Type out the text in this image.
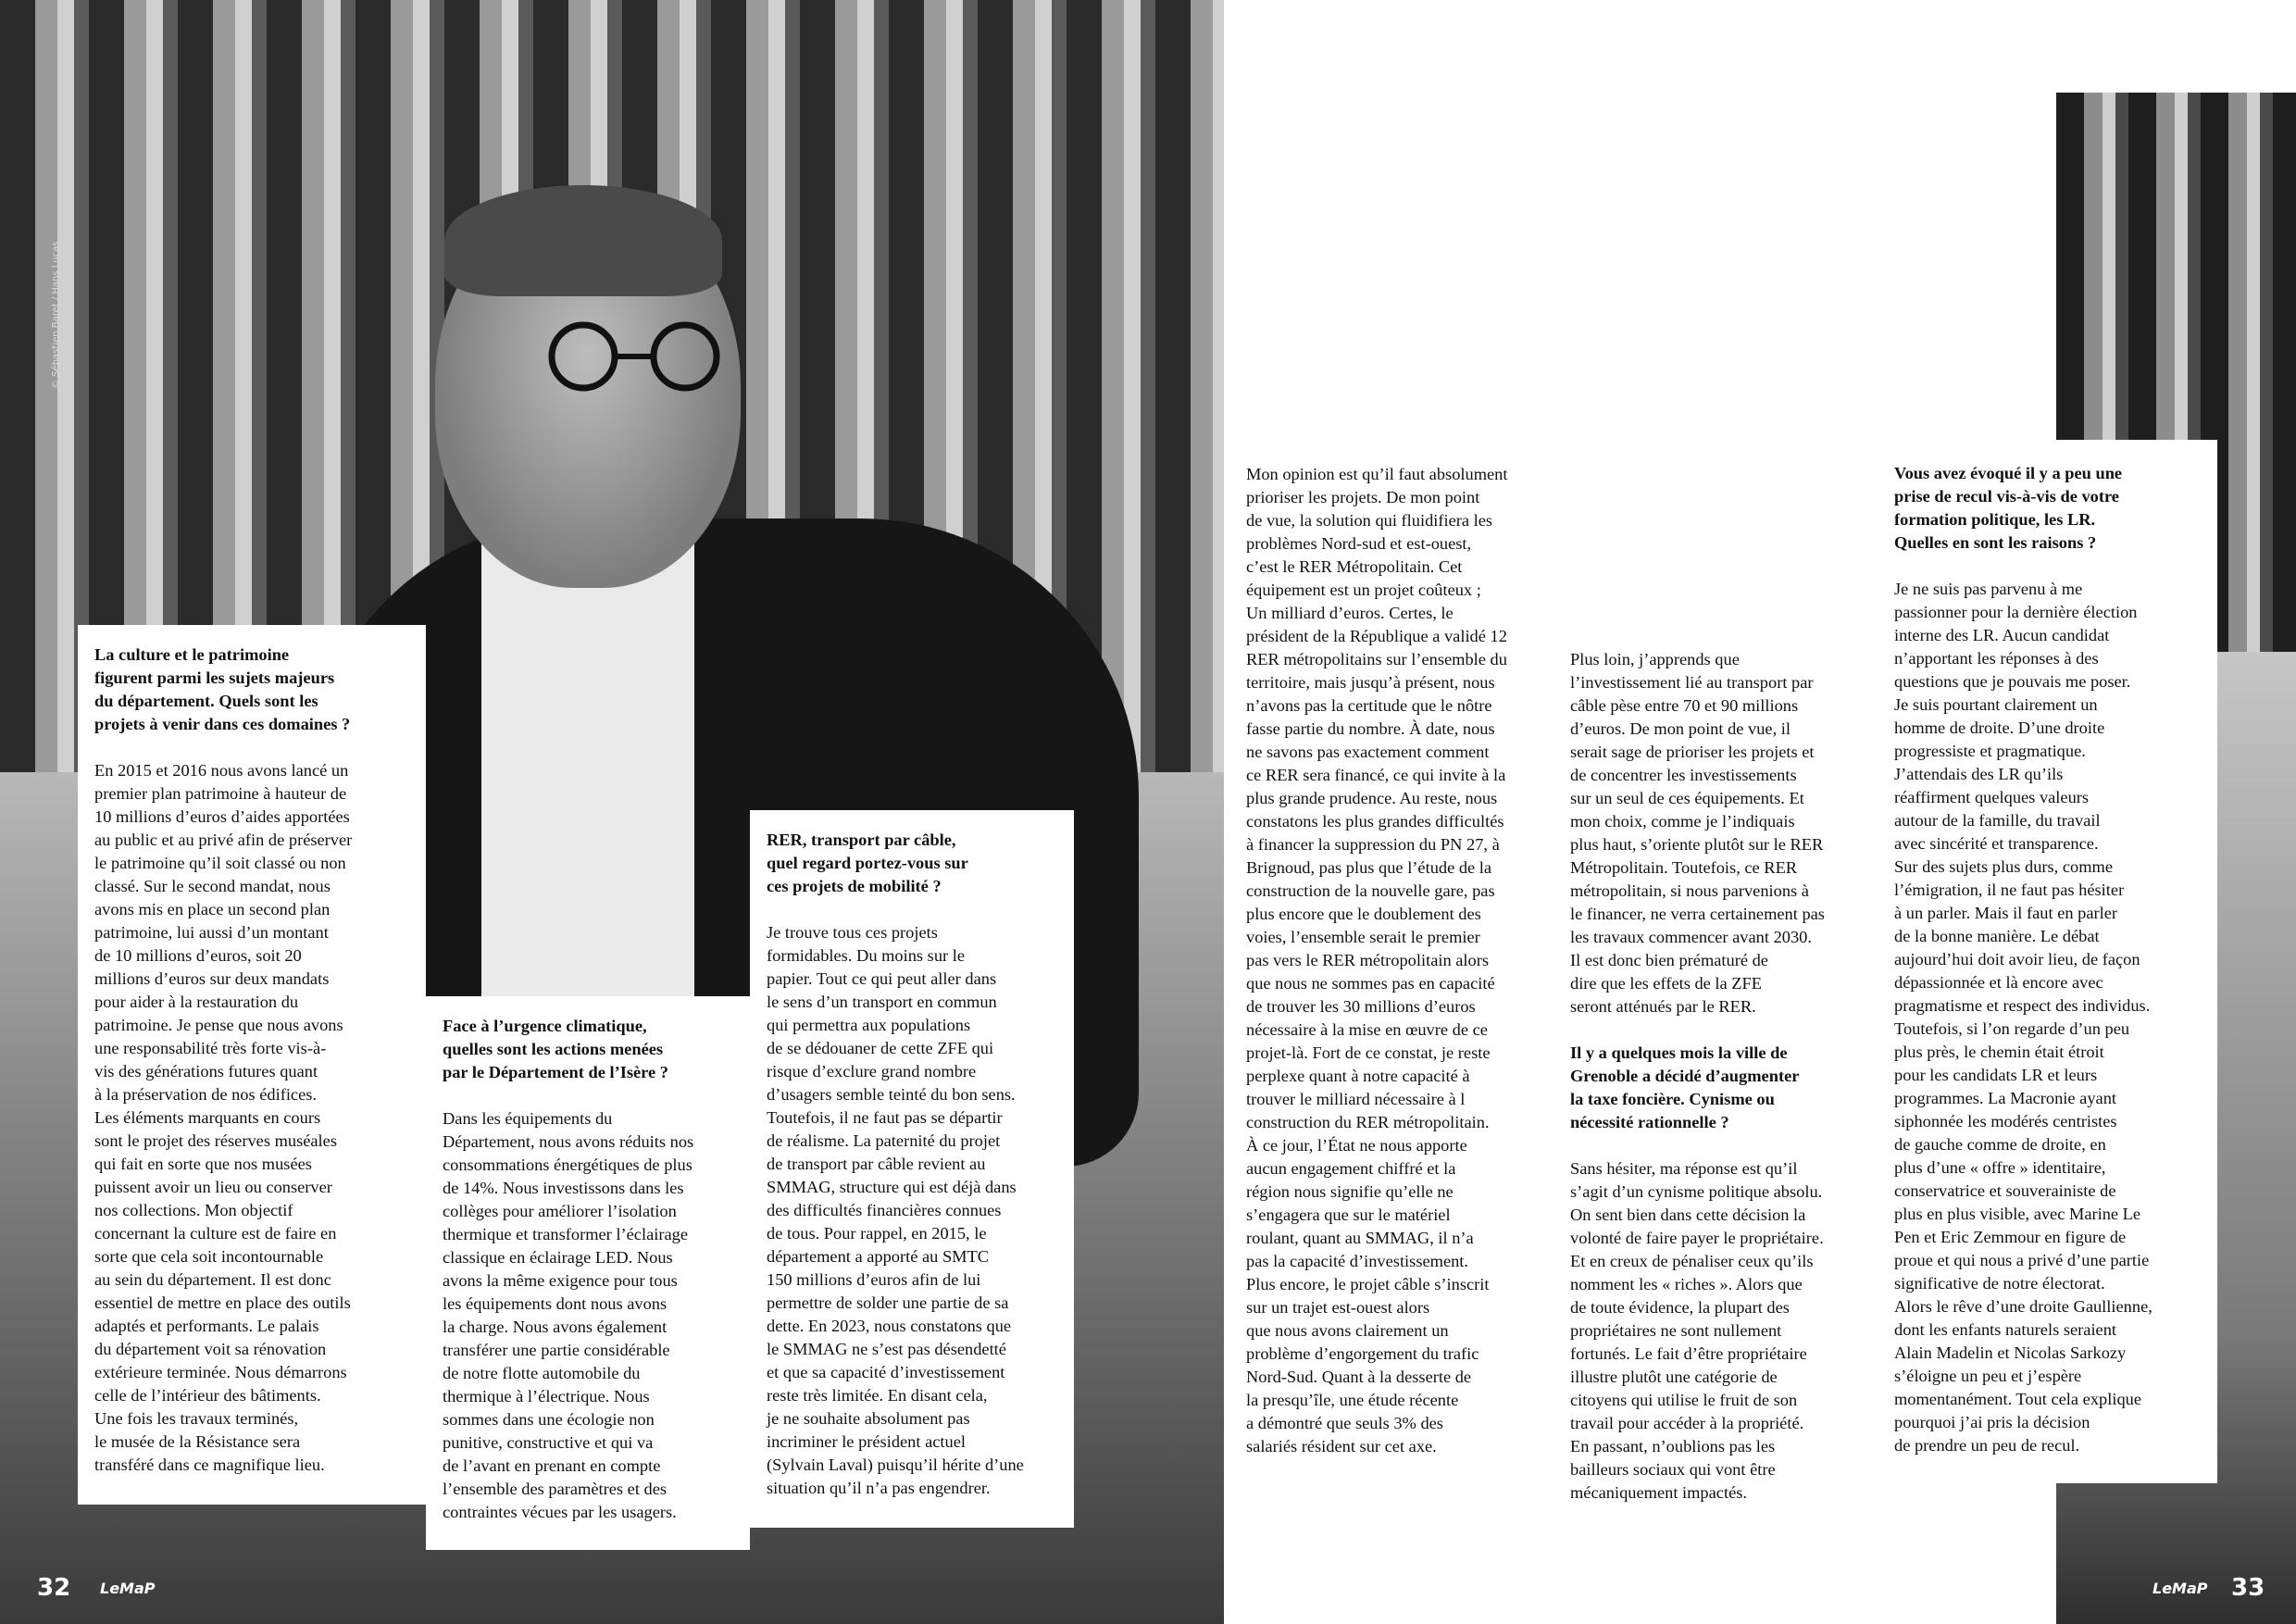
© Sébastien Baret / Hans Lucas

La culture et le patrimoine
figurent parmi les sujets majeurs
du département. Quels sont les
projets à venir dans ces domaines ?

En 2015 et 2016 nous avons lancé un
premier plan patrimoine à hauteur de
10 millions d’euros d’aides apportées
au public et au privé afin de préserver
le patrimoine qu’il soit classé ou non
classé. Sur le second mandat, nous
avons mis en place un second plan
patrimoine, lui aussi d’un montant
de 10 millions d’euros, soit 20
millions d’euros sur deux mandats
pour aider à la restauration du
patrimoine. Je pense que nous avons
une responsabilité très forte vis-à-
vis des générations futures quant
à la préservation de nos édifices.
Les éléments marquants en cours
sont le projet des réserves muséales
qui fait en sorte que nos musées
puissent avoir un lieu ou conserver
nos collections. Mon objectif
concernant la culture est de faire en
sorte que cela soit incontournable
au sein du département. Il est donc
essentiel de mettre en place des outils
adaptés et performants. Le palais
du département voit sa rénovation
extérieure terminée. Nous démarrons
celle de l’intérieur des bâtiments.
Une fois les travaux terminés,
le musée de la Résistance sera
transféré dans ce magnifique lieu.

Face à l’urgence climatique,
quelles sont les actions menées
par le Département de l’Isère ?

Dans les équipements du
Département, nous avons réduits nos
consommations énergétiques de plus
de 14%. Nous investissons dans les
collèges pour améliorer l’isolation
thermique et transformer l’éclairage
classique en éclairage LED. Nous
avons la même exigence pour tous
les équipements dont nous avons
la charge. Nous avons également
transférer une partie considérable
de notre flotte automobile du
thermique à l’électrique. Nous
sommes dans une écologie non
punitive, constructive et qui va
de l’avant en prenant en compte
l’ensemble des paramètres et des
contraintes vécues par les usagers.

RER, transport par câble,
quel regard portez-vous sur
ces projets de mobilité ?

Je trouve tous ces projets
formidables. Du moins sur le
papier. Tout ce qui peut aller dans
le sens d’un transport en commun
qui permettra aux populations
de se dédouaner de cette ZFE qui
risque d’exclure grand nombre
d’usagers semble teinté du bon sens.
Toutefois, il ne faut pas se départir
de réalisme. La paternité du projet
de transport par câble revient au
SMMAG, structure qui est déjà dans
des difficultés financières connues
de tous. Pour rappel, en 2015, le
département a apporté au SMTC
150 millions d’euros afin de lui
permettre de solder une partie de sa
dette. En 2023, nous constatons que
le SMMAG ne s’est pas désendetté
et que sa capacité d’investissement
reste très limitée. En disant cela,
je ne souhaite absolument pas
incriminer le président actuel
(Sylvain Laval) puisqu’il hérite d’une
situation qu’il n’a pas engendrer.

Mon opinion est qu’il faut absolument
prioriser les projets. De mon point
de vue, la solution qui fluidifiera les
problèmes Nord-sud et est-ouest,
c’est le RER Métropolitain. Cet
équipement est un projet coûteux ;
Un milliard d’euros. Certes, le
président de la République a validé 12
RER métropolitains sur l’ensemble du
territoire, mais jusqu’à présent, nous
n’avons pas la certitude que le nôtre
fasse partie du nombre. À date, nous
ne savons pas exactement comment
ce RER sera financé, ce qui invite à la
plus grande prudence. Au reste, nous
constatons les plus grandes difficultés
à financer la suppression du PN 27, à
Brignoud, pas plus que l’étude de la
construction de la nouvelle gare, pas
plus encore que le doublement des
voies, l’ensemble serait le premier
pas vers le RER métropolitain alors
que nous ne sommes pas en capacité
de trouver les 30 millions d’euros
nécessaire à la mise en œuvre de ce
projet-là. Fort de ce constat, je reste
perplexe quant à notre capacité à
trouver le milliard nécessaire à l
construction du RER métropolitain.
À ce jour, l’État ne nous apporte
aucun engagement chiffré et la
région nous signifie qu’elle ne
s’engagera que sur le matériel
roulant, quant au SMMAG, il n’a
pas la capacité d’investissement.
Plus encore, le projet câble s’inscrit
sur un trajet est-ouest alors
que nous avons clairement un
problème d’engorgement du trafic
Nord-Sud. Quant à la desserte de
la presqu’île, une étude récente
a démontré que seuls 3% des
salariés résident sur cet axe.

Plus loin, j’apprends que
l’investissement lié au transport par
câble pèse entre 70 et 90 millions
d’euros. De mon point de vue, il
serait sage de prioriser les projets et
de concentrer les investissements
sur un seul de ces équipements. Et
mon choix, comme je l’indiquais
plus haut, s’oriente plutôt sur le RER
Métropolitain. Toutefois, ce RER
métropolitain, si nous parvenions à
le financer, ne verra certainement pas
les travaux commencer avant 2030.
Il est donc bien prématuré de
dire que les effets de la ZFE
seront atténués par le RER.

Il y a quelques mois la ville de
Grenoble a décidé d’augmenter
la taxe foncière. Cynisme ou
nécessité rationnelle ?

Sans hésiter, ma réponse est qu’il
s’agit d’un cynisme politique absolu.
On sent bien dans cette décision la
volonté de faire payer le propriétaire.
Et en creux de pénaliser ceux qu’ils
nomment les « riches ». Alors que
de toute évidence, la plupart des
propriétaires ne sont nullement
fortunés. Le fait d’être propriétaire
illustre plutôt une catégorie de
citoyens qui utilise le fruit de son
travail pour accéder à la propriété.
En passant, n’oublions pas les
bailleurs sociaux qui vont être
mécaniquement impactés.

Vous avez évoqué il y a peu une
prise de recul vis-à-vis de votre
formation politique, les LR.
Quelles en sont les raisons ?

Je ne suis pas parvenu à me
passionner pour la dernière élection
interne des LR. Aucun candidat
n’apportant les réponses à des
questions que je pouvais me poser.
Je suis pourtant clairement un
homme de droite. D’une droite
progressiste et pragmatique.
J’attendais des LR qu’ils
réaffirment quelques valeurs
autour de la famille, du travail
avec sincérité et transparence.
Sur des sujets plus durs, comme
l’émigration, il ne faut pas hésiter
à un parler. Mais il faut en parler
de la bonne manière. Le débat
aujourd’hui doit avoir lieu, de façon
dépassionnée et là encore avec
pragmatisme et respect des individus.
Toutefois, si l’on regarde d’un peu
plus près, le chemin était étroit
pour les candidats LR et leurs
programmes. La Macronie ayant
siphonnée les modérés centristes
de gauche comme de droite, en
plus d’une « offre » identitaire,
conservatrice et souverainiste de
plus en plus visible, avec Marine Le
Pen et Eric Zemmour en figure de
proue et qui nous a privé d’une partie
significative de notre électorat.
Alors le rêve d’une droite Gaullienne,
dont les enfants naturels seraient
Alain Madelin et Nicolas Sarkozy
s’éloigne un peu et j’espère
momentanément. Tout cela explique
pourquoi j’ai pris la décision
de prendre un peu de recul.

32 LeMaP	LeMaP 33
